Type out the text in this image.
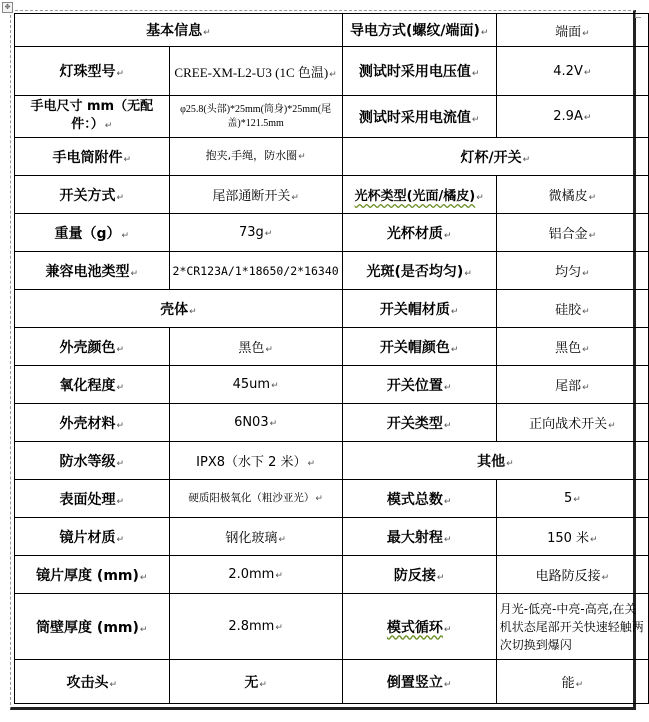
✥
基本信息↵		导电方式(螺纹/端面)↵	端面↵
灯珠型号↵	CREE-XM-L2-U3 (1C 色温)↵	测试时采用电压值↵	4.2V↵
手电尺寸 mm（无配件：）↵	φ25.8(头部)*25mm(筒身)*25mm(尾盖)*121.5mm	测试时采用电流值↵	2.9A↵
手电筒附件↵	抱夹,手绳，防水圈↵	灯杯/开关↵	
开关方式↵	尾部通断开关↵	光杯类型(光面/橘皮)↵	微橘皮↵
重量（g）↵	73g↵	光杯材质↵	铝合金↵
兼容电池类型↵	2*CR123A/1*18650/2*16340	光斑(是否均匀)↵	均匀↵
壳体↵		开关帽材质↵	硅胶↵
外壳颜色↵	黑色↵	开关帽颜色↵	黑色↵
氧化程度↵	45um↵	开关位置↵	尾部↵
外壳材料↵	6N03↵	开关类型↵	正向战术开关↵
防水等级↵	IPX8（水下 2 米）↵	其他↵	
表面处理↵	硬质阳极氧化（粗沙亚光）↵	模式总数↵	5↵
镜片材质↵	钢化玻璃↵	最大射程↵	150 米↵
镜片厚度 (mm)↵	2.0mm↵	防反接↵	电路防反接↵
筒壁厚度 (mm)↵	2.8mm↵	模式循环↵	月光-低亮-中亮-高亮,在关机状态尾部开关快速轻触两次切换到爆闪
攻击头↵	无↵	倒置竖立↵	能↵
